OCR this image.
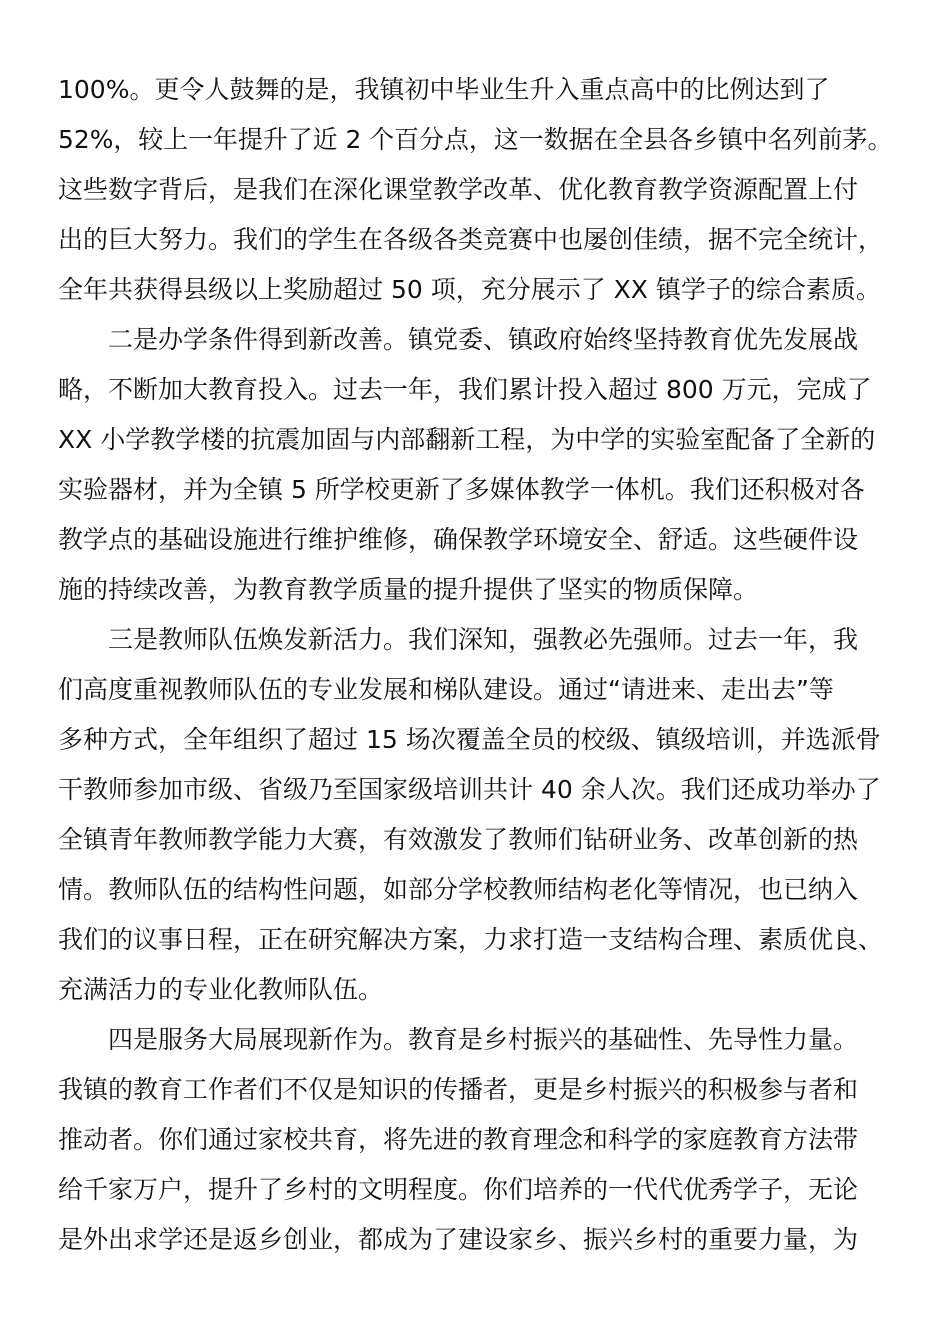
100%。更令人鼓舞的是，我镇初中毕业生升入重点高中的比例达到了
52%，较上一年提升了近 2 个百分点，这一数据在全县各乡镇中名列前茅。
这些数字背后，是我们在深化课堂教学改革、优化教育教学资源配置上付
出的巨大努力。我们的学生在各级各类竞赛中也屡创佳绩，据不完全统计，
全年共获得县级以上奖励超过 50 项，充分展示了 XX 镇学子的综合素质。
二是办学条件得到新改善。镇党委、镇政府始终坚持教育优先发展战
略，不断加大教育投入。过去一年，我们累计投入超过 800 万元，完成了
XX 小学教学楼的抗震加固与内部翻新工程，为中学的实验室配备了全新的
实验器材，并为全镇 5 所学校更新了多媒体教学一体机。我们还积极对各
教学点的基础设施进行维护维修，确保教学环境安全、舒适。这些硬件设
施的持续改善，为教育教学质量的提升提供了坚实的物质保障。
三是教师队伍焕发新活力。我们深知，强教必先强师。过去一年，我
们高度重视教师队伍的专业发展和梯队建设。通过“请进来、走出去”等
多种方式，全年组织了超过 15 场次覆盖全员的校级、镇级培训，并选派骨
干教师参加市级、省级乃至国家级培训共计 40 余人次。我们还成功举办了
全镇青年教师教学能力大赛，有效激发了教师们钻研业务、改革创新的热
情。教师队伍的结构性问题，如部分学校教师结构老化等情况，也已纳入
我们的议事日程，正在研究解决方案，力求打造一支结构合理、素质优良、
充满活力的专业化教师队伍。
四是服务大局展现新作为。教育是乡村振兴的基础性、先导性力量。
我镇的教育工作者们不仅是知识的传播者，更是乡村振兴的积极参与者和
推动者。你们通过家校共育，将先进的教育理念和科学的家庭教育方法带
给千家万户，提升了乡村的文明程度。你们培养的一代代优秀学子，无论
是外出求学还是返乡创业，都成为了建设家乡、振兴乡村的重要力量，为
